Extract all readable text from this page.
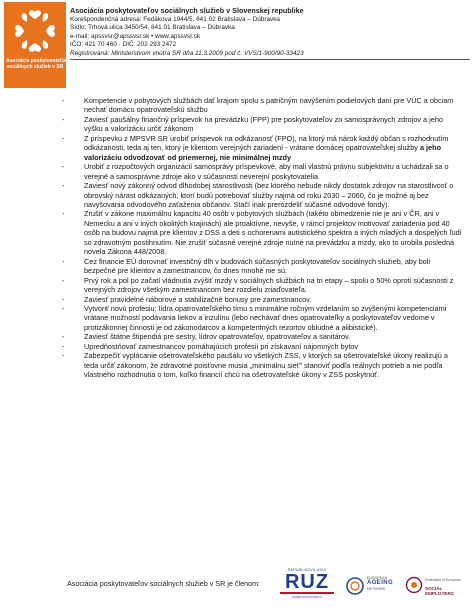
Asociácia poskytovateľov
sociálnych služieb v SR
Asociácia poskytovateľov sociálnych služieb v Slovenskej republike
Korešpondenčná adresa: Fedákova 1944/5, 841 02 Bratislava – Dúbravka
Sídlo: Trhová ulica 3450/54, 841 01 Bratislava – Dúbravka
e-mail: apssvsr@apssvsr.sk • www.apssvsr.sk
IČO: 421 70 460 · DIČ: 202 293 2472
Registrovaná: Ministerstvom vnútra SR dňa 11.3.2009 pod č. VVS/1-900/90-33423
- Kompetencie v pobytových službách dať krajom spolu s patričným navýšením podielových daní pre VÚC a obciam nechať domácu opatrovateľskú službu
- Zaviesť paušálny finančný príspevok na prevádzku (FPP) pre poskytovateľov zo samosprávnych zdrojov a jeho výšku a valorizáciu určiť zákonom
- Z príspevku z MPSVR SR urobiť príspevok na odkázanosť (FPO), na ktorý má nárok každý občan s rozhodnutím odkázanosti, teda aj ten, ktorý je klientom verejných zariadení - vrátane domácej opatrovateľskej služby a jeho valorizáciu odvodzovať od priemernej, nie minimálnej mzdy
- Urobiť z rozpočtových organizácií samosprávy príspevkové, aby mali vlastnú právnu subjektivitu a uchádzali sa o verejné a samosprávne zdroje ako v súčasnosti neverejní poskytovatelia
- Zaviesť nový zákonný odvod dlhodobej starostlivosti (bez ktorého nebude nikdy dostatok zdrojov na starostlivosť o obrovský nárast odkázaných, ktorí budú potrebovať služby najmä od roku 2030 – 2060, čo je možné aj bez navyšovania odvodového zaťaženia občanov. Stačí inak prerozdeliť súčasné odvodové fondy).
- Zrušiť v zákone maximálnu kapacitu 40 osôb v pobytových službách (takéto obmedzenie nie je ani v ČR, ani v Nemecku a ani v iných okolitých krajinách) ale proaktívne, nevyše, v rámci projektov motivovať zariadenia pod 40 osôb na budovu najmä pre klientov z DSS a deti s ochorenami autistického spektra a iných mladých a dospelých ľudí so zdravotným postihnutím. Nie zrušiť súčasné verejné zdroje nutné na prevádzku a mzdy, ako to urobila posledná novela Zákona 448/2008.
- Cez financie EÚ dorovnať investičný dlh v budovách súčasných poskytovateľov sociálnych služieb, aby boli bezpečné pre klientov a zamestnancov, čo dnes mnohé nie sú.
- Prvý rok a pol po začatí vládnutia zvýšiť mzdy v sociálnych službách na tri etapy – spolu o 50% oproti súčasnosti z verejných zdrojov všetkým zamestnancom bez rozdielu zriaďovateľa.
- Zaviesť pravidelné náborové a stabilizačné bonusy pre zamestnancov.
- Vytvoriť novú profesiu: lídra opatrovateľského tímu s minimálne ročným vzdelaním so zvýšenými kompetenciami vrátane možností podávania liekov a inzulínu (lebo nechávať dnes opatrovateľky a poskytovateľov vedome v protizákonnej činnosti je od zákonodarcov a kompetentných rezortov obludné a alibistické).
- Zaviesť štátne štipendiá pre sestry, lídrov opatrovateľov, opatrovateľov a sanitárov.
- Upredňostňovať zamestnancov pomáhajúcich profesií pri získavaní nájomných bytov
- Zabezpečiť vyplácanie ošetrovateľského paušálu vo všetkých ZSS, v ktorých sa ošetrovateľské úkony realizujú a teda určiť zákonom, že zdravotné poisťovne musia „minimálnu sieť" stanoviť podľa reálnych potrieb a nie podľa vlastného rozhodnutia o tom, koľko financií chcú na ošetrovateľské úkony v ZSS poskytnúť.
Asociácia poskytovateľov sociálnych služieb v SR je členom:
REPUBLIKOVÁ ÚNIA
RUZ
ZAMESTNÁVATEĽOV
EUROPEAN
AGEING
NETWORK
Federation of European
SOCIAL EMPLOYERS
